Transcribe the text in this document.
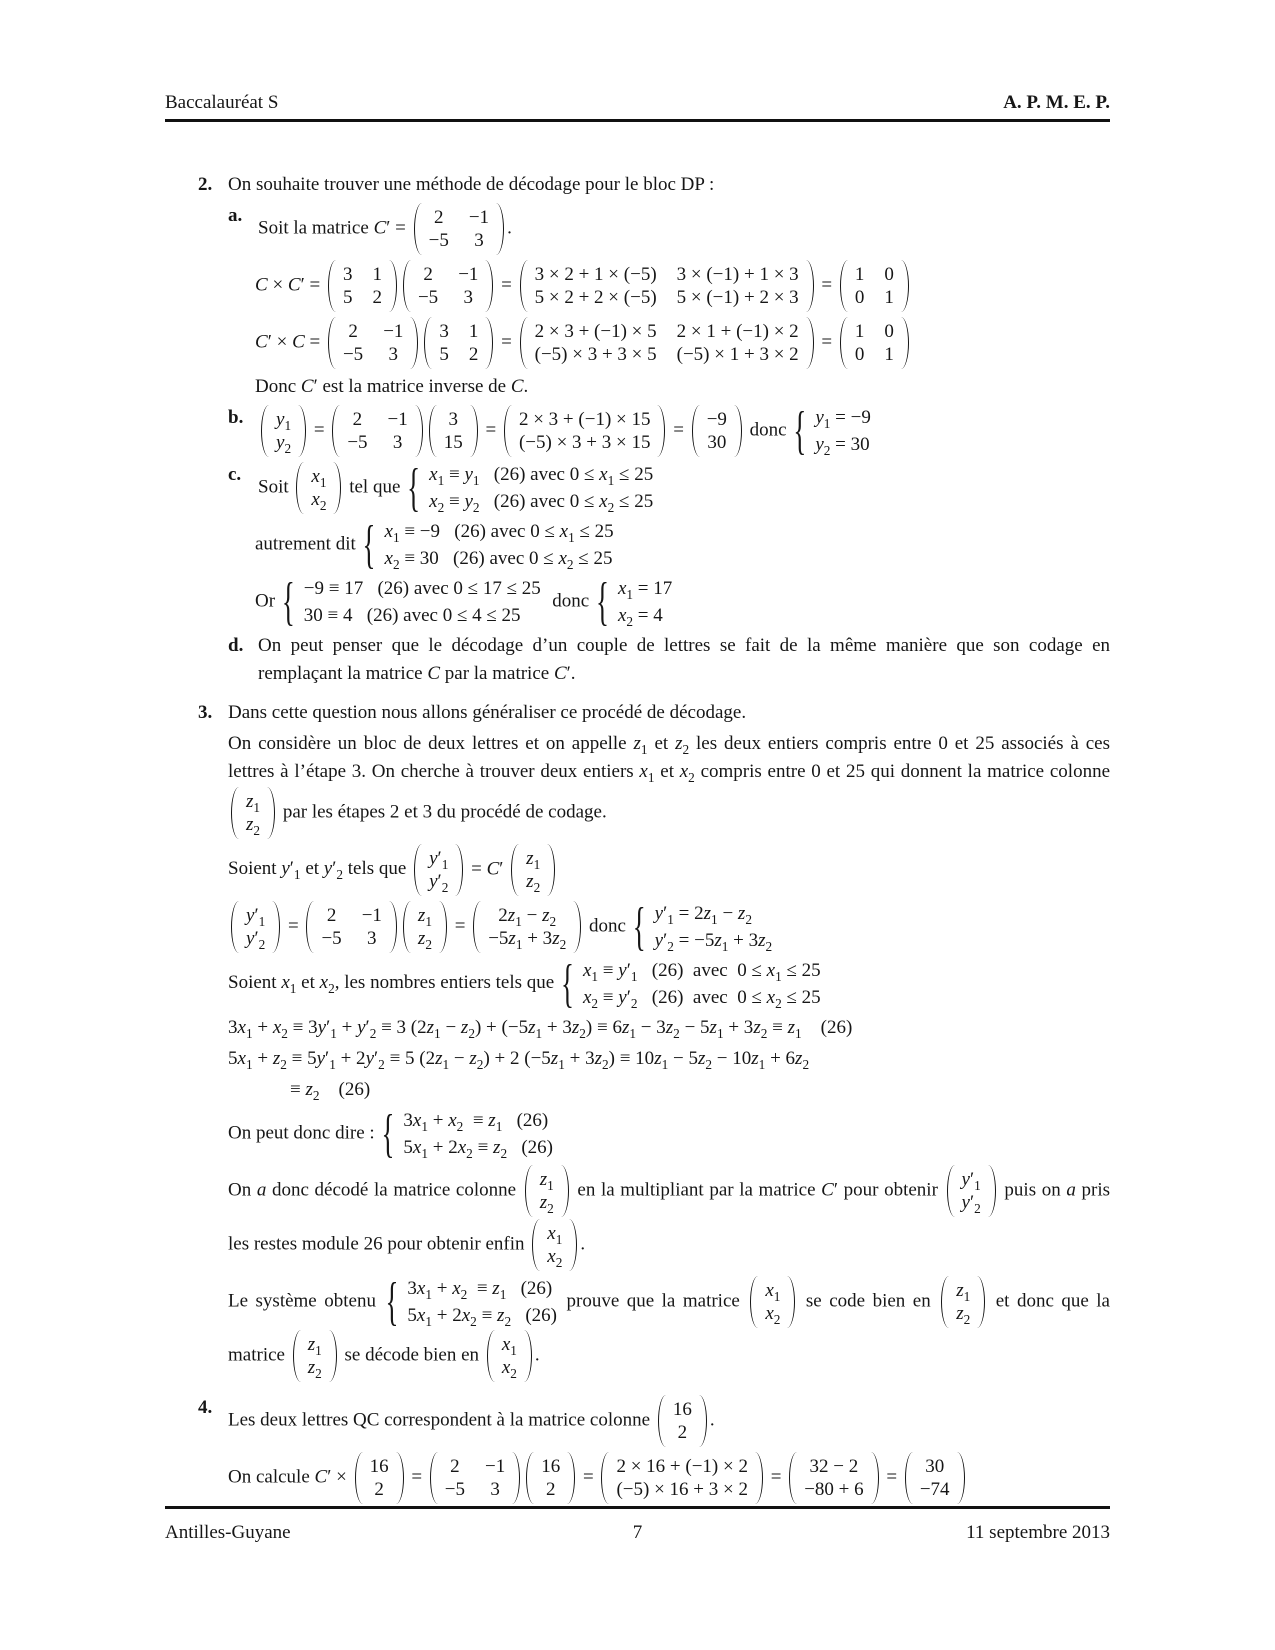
Baccalauréat S	A. P. M. E. P.
2. On souhaite trouver une méthode de décodage pour le bloc DP :
a.
Soit la matrice C′ = 2 −1
−5 3
.
C × C′ = 3 1
5 2
2 −1
−5 3
= 3 × 2 + 1 × (−5) 3 × (−1) + 1 × 3
5 × 2 + 2 × (−5) 5 × (−1) + 2 × 3
= 1 0
0 1
C′ × C = 2 −1
−5 3
3 1
5 2
= 2 × 3 + (−1) × 5 2 × 1 + (−1) × 2
(−5) × 3 + 3 × 5 (−5) × 1 + 3 × 2
= 1 0
0 1
Donc C′ est la matrice inverse de C.
b.	$y_1$
$y_2$
= 2 −1
−5 3
3
15
= 2 × 3 + (−1) × 15
(−5) × 3 + 3 × 15
= −9
30
donc { $y_1 = -9$
$y_2 = 30$
c.
Soit $x_1$
$x_2$
tel que { $x_1 \equiv y_1$   (26) avec $0 \le x_1 \le 25$
$x_2 \equiv y_2$   (26) avec $0 \le x_2 \le 25$
autrement dit { $x_1 \equiv -9$   (26) avec $0 \le x_1 \le 25$
$x_2 \equiv 30$   (26) avec $0 \le x_2 \le 25$
Or { −9 ≡ 17   (26) avec 0 ≤ 17 ≤ 25
30 ≡ 4   (26) avec 0 ≤ 4 ≤ 25
donc { $x_1 = 17$
$x_2 = 4$
d. On peut penser que le décodage d’un couple de lettres se fait de la même manière que son codage en remplaçant la matrice C par la matrice C′.
3. Dans cette question nous allons généraliser ce procédé de décodage.
On considère un bloc de deux lettres et on appelle $z_1$ et $z_2$ les deux entiers compris entre 0 et 25 associés à ces lettres à l’étape 3. On cherche à trouver deux entiers $x_1$ et $x_2$ compris entre 0 et 25 qui donnent la matrice colonne
$z_1$
$z_2$
par les étapes 2 et 3 du procédé de codage.
Soient $y'_1$ et $y'_2$ tels que $y'_1$
$y'_2$
= C′ $z_1$
$z_2$
$y'_1$
$y'_2$
= 2 −1
−5 3
$z_1$
$z_2$
=	$2z_1 - z_2$
$-5z_1 + 3z_2$
donc { $y'_1 = 2z_1 - z_2$
$y'_2 = -5z_1 + 3z_2$
Soient $x_1$ et $x_2$, les nombres entiers tels que { $x_1 \equiv y'_1$   (26)  avec  $0 \le x_1 \le 25$
$x_2 \equiv y'_2$   (26)  avec  $0 \le x_2 \le 25$
$3x_1 + x_2 \equiv 3y'_1 + y'_2 \equiv 3$ $(2z_1 - z_2) + (-5z_1 + 3z_2) \equiv 6z_1 - 3z_2 - 5z_1 + 3z_2 \equiv z_1$    (26)
$5x_1 + z_2 \equiv 5y'_1 + 2y'_2 \equiv 5$ $(2z_1 - z_2) + 2$ $(-5z_1 + 3z_2) \equiv 10z_1 - 5z_2 - 10z_1 + 6z_2$
≡ $z_2$    (26)
On peut donc dire : { $3x_1 + x_2 \equiv z_1$   (26)
$5x_1 + 2x_2 \equiv z_2$   (26)
On a donc décodé la matrice colonne $z_1$
$z_2$
en la multipliant par la matrice C′ pour obtenir $y'_1$
$y'_2$
puis on a pris les restes module 26 pour obtenir enfin $x_1$
$x_2$
.
Le système obtenu { $3x_1 + x_2 \equiv z_1$   (26)
$5x_1 + 2x_2 \equiv z_2$   (26)
prouve que la matrice $x_1$
$x_2$
se code bien en $z_1$
$z_2$
et donc que la matrice $z_1$
$z_2$
se décode bien en $x_1$
$x_2$
.
4.
Les deux lettres QC correspondent à la matrice colonne 16
2
.
On calcule C′ × 16
2
= 2 −1
−5 3
16
2
= 2 × 16 + (−1) × 2
(−5) × 16 + 3 × 2
= 32 − 2
−80 + 6
= 30
−74
Antilles-Guyane	7	11 septembre 2013
